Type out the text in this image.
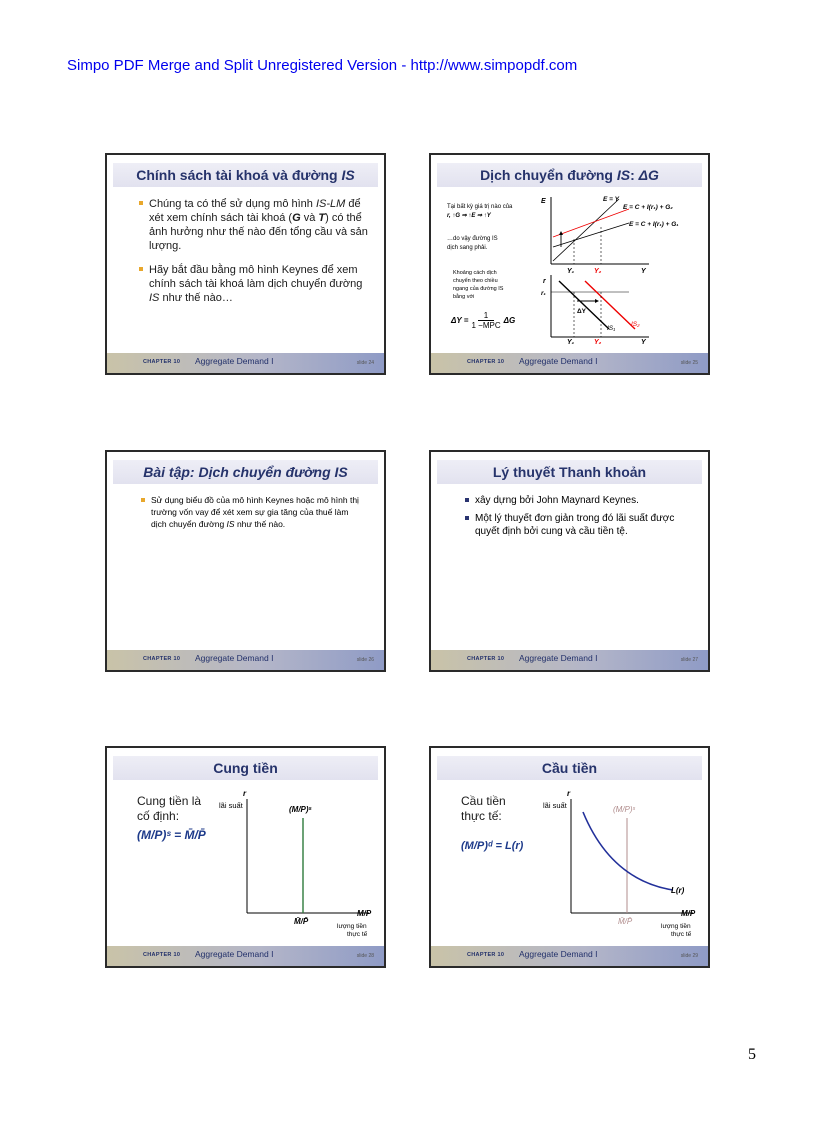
Simpo PDF Merge and Split Unregistered Version - http://www.simpopdf.com
Chính sách tài khoá và đường IS
Chúng ta có thể sử dụng mô hình IS-LM để xét xem chính sách tài khoá (G và T) có thể ảnh hưởng như thế nào đến tổng cầu và sản lượng.
Hãy bắt đầu bằng mô hình Keynes để xem chính sách tài khoá làm dịch chuyển đường IS như thế nào…
CHAPTER 10 Aggregate Demand I	slide 24
Dịch chuyển đường IS: ΔG
Tại bất kỳ giá trị nào của
r, ↑G ⇒ ↑E ⇒ ↑Y
…do vậy đường IS
dịch sang phải.
Khoảng cách dịch
chuyển theo chiều
ngang của đường IS
bằng với
ΔY =
1
1 −MPC
ΔG
E
Y
E = Y
E = C + I(r₁) + G₂
E = C + I(r₁) + G₁
Y₁	Y₂
r
r₁
ΔY
IS₁
IS₂
Y
Y₁	Y₂
CHAPTER 10 Aggregate Demand I	slide 25
Bài tập: Dịch chuyển đường IS
Sử dụng biểu đồ của mô hình Keynes hoặc mô hình thị trường vốn vay để xét xem sự gia tăng của thuế làm dịch chuyển đường IS như thế nào.
CHAPTER 10 Aggregate Demand I	slide 26
Lý thuyết Thanh khoản
xây dựng bởi John Maynard Keynes.
Một lý thuyết đơn giản trong đó lãi suất được quyết định bởi cung và cầu tiền tệ.
CHAPTER 10 Aggregate Demand I	slide 27
Cung tiền
Cung tiền là
cố định:
(M/P)ˢ = M̄/P̄
r
lãi suất	(M/P)ˢ
M̄/P̄
M/P
lượng tiền
thực tế
CHAPTER 10 Aggregate Demand I	slide 28
Cầu tiền
Cầu tiền
thực tế:
(M/P)ᵈ = L(r)
r
lãi suất	(M/P)ˢ
L(r)
M̄/P̄
M/P
lượng tiền
thực tế
CHAPTER 10 Aggregate Demand I	slide 29
5
